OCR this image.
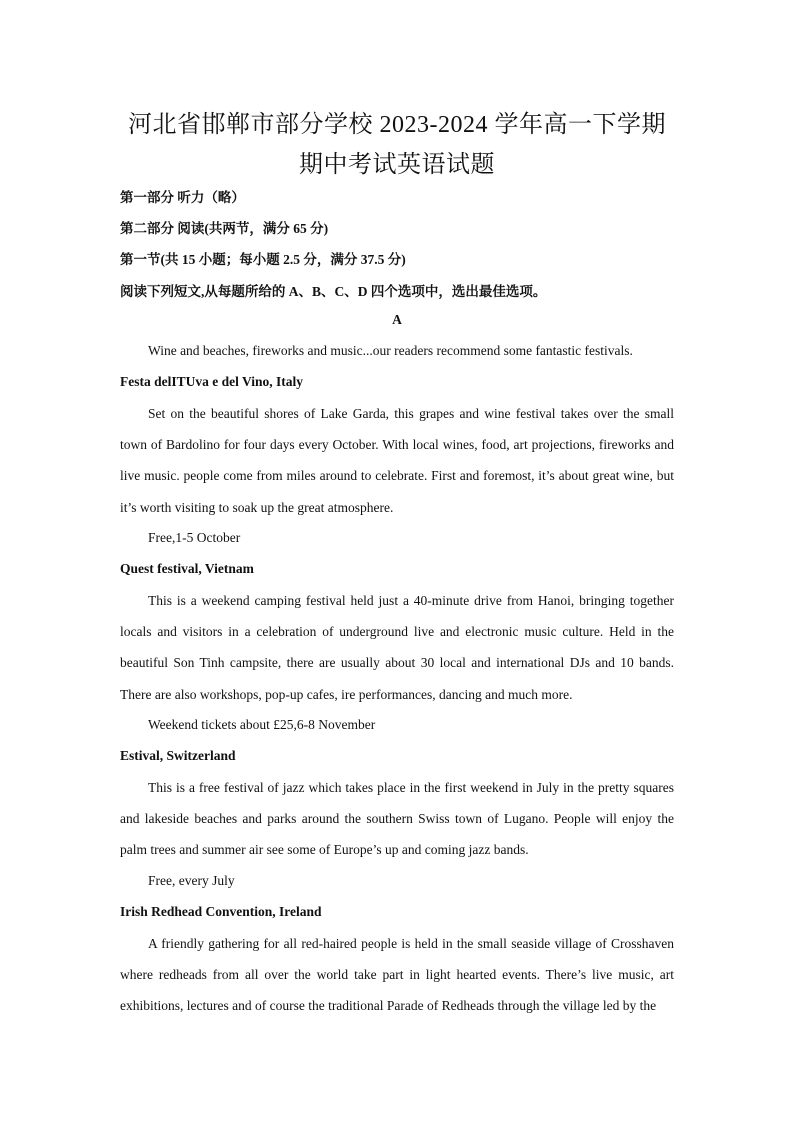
河北省邯郸市部分学校 2023-2024 学年高一下学期
期中考试英语试题
第一部分 听力（略）
第二部分 阅读(共两节，满分 65 分)
第一节(共 15 小题；每小题 2.5 分，满分 37.5 分)
阅读下列短文,从每题所给的 A、B、C、D 四个选项中，选出最佳选项。
A
Wine and beaches, fireworks and music...our readers recommend some fantastic festivals.
Festa delITUva e del Vino, Italy
Set on the beautiful shores of Lake Garda, this grapes and wine festival takes over the small town of Bardolino for four days every October. With local wines, food, art projections, fireworks and live music. people come from miles around to celebrate. First and foremost, it’s about great wine, but it’s worth visiting to soak up the great atmosphere.
Free,1-5 October
Quest festival, Vietnam
This is a weekend camping festival held just a 40-minute drive from Hanoi, bringing together locals and visitors in a celebration of underground live and electronic music culture. Held in the beautiful Son Tinh campsite, there are usually about 30 local and international DJs and 10 bands. There are also workshops, pop-up cafes, ire performances, dancing and much more.
Weekend tickets about £25,6-8 November
Estival, Switzerland
This is a free festival of jazz which takes place in the first weekend in July in the pretty squares and lakeside beaches and parks around the southern Swiss town of Lugano. People will enjoy the palm trees and summer air see some of Europe’s up and coming jazz bands.
Free, every July
Irish Redhead Convention, Ireland
A friendly gathering for all red-haired people is held in the small seaside village of Crosshaven where redheads from all over the world take part in light hearted events. There’s live music, art exhibitions, lectures and of course the traditional Parade of Redheads through the village led by the
